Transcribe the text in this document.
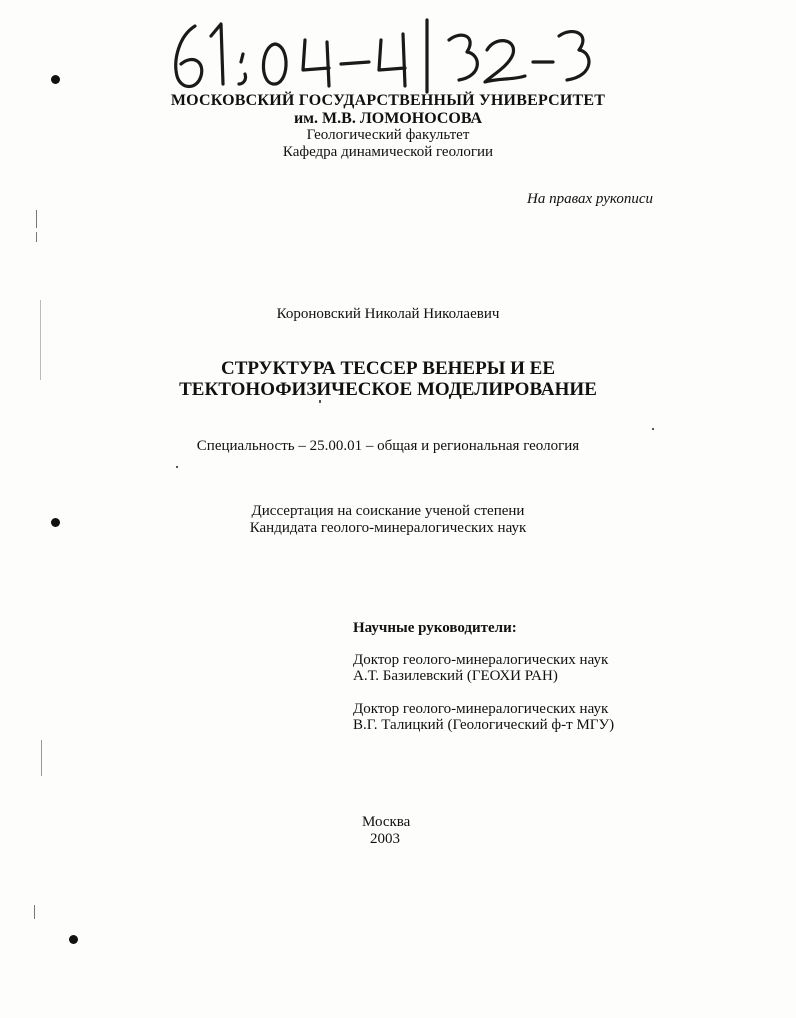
МОСКОВСКИЙ ГОСУДАРСТВЕННЫЙ УНИВЕРСИТЕТ
им. М.В. ЛОМОНОСОВА
Геологический факультет
Кафедра динамической геологии
На правах рукописи
Короновский Николай Николаевич
СТРУКТУРА ТЕССЕР ВЕНЕРЫ И ЕЕ
ТЕКТОНОФИЗИЧЕСКОЕ МОДЕЛИРОВАНИЕ
Специальность – 25.00.01 – общая и региональная геология
Диссертация на соискание ученой степени
Кандидата геолого-минералогических наук
Научные руководители:
Доктор геолого-минералогических наук
А.Т. Базилевский (ГЕОХИ РАН)
Доктор геолого-минералогических наук
В.Г. Талицкий (Геологический ф-т МГУ)
Москва
2003
